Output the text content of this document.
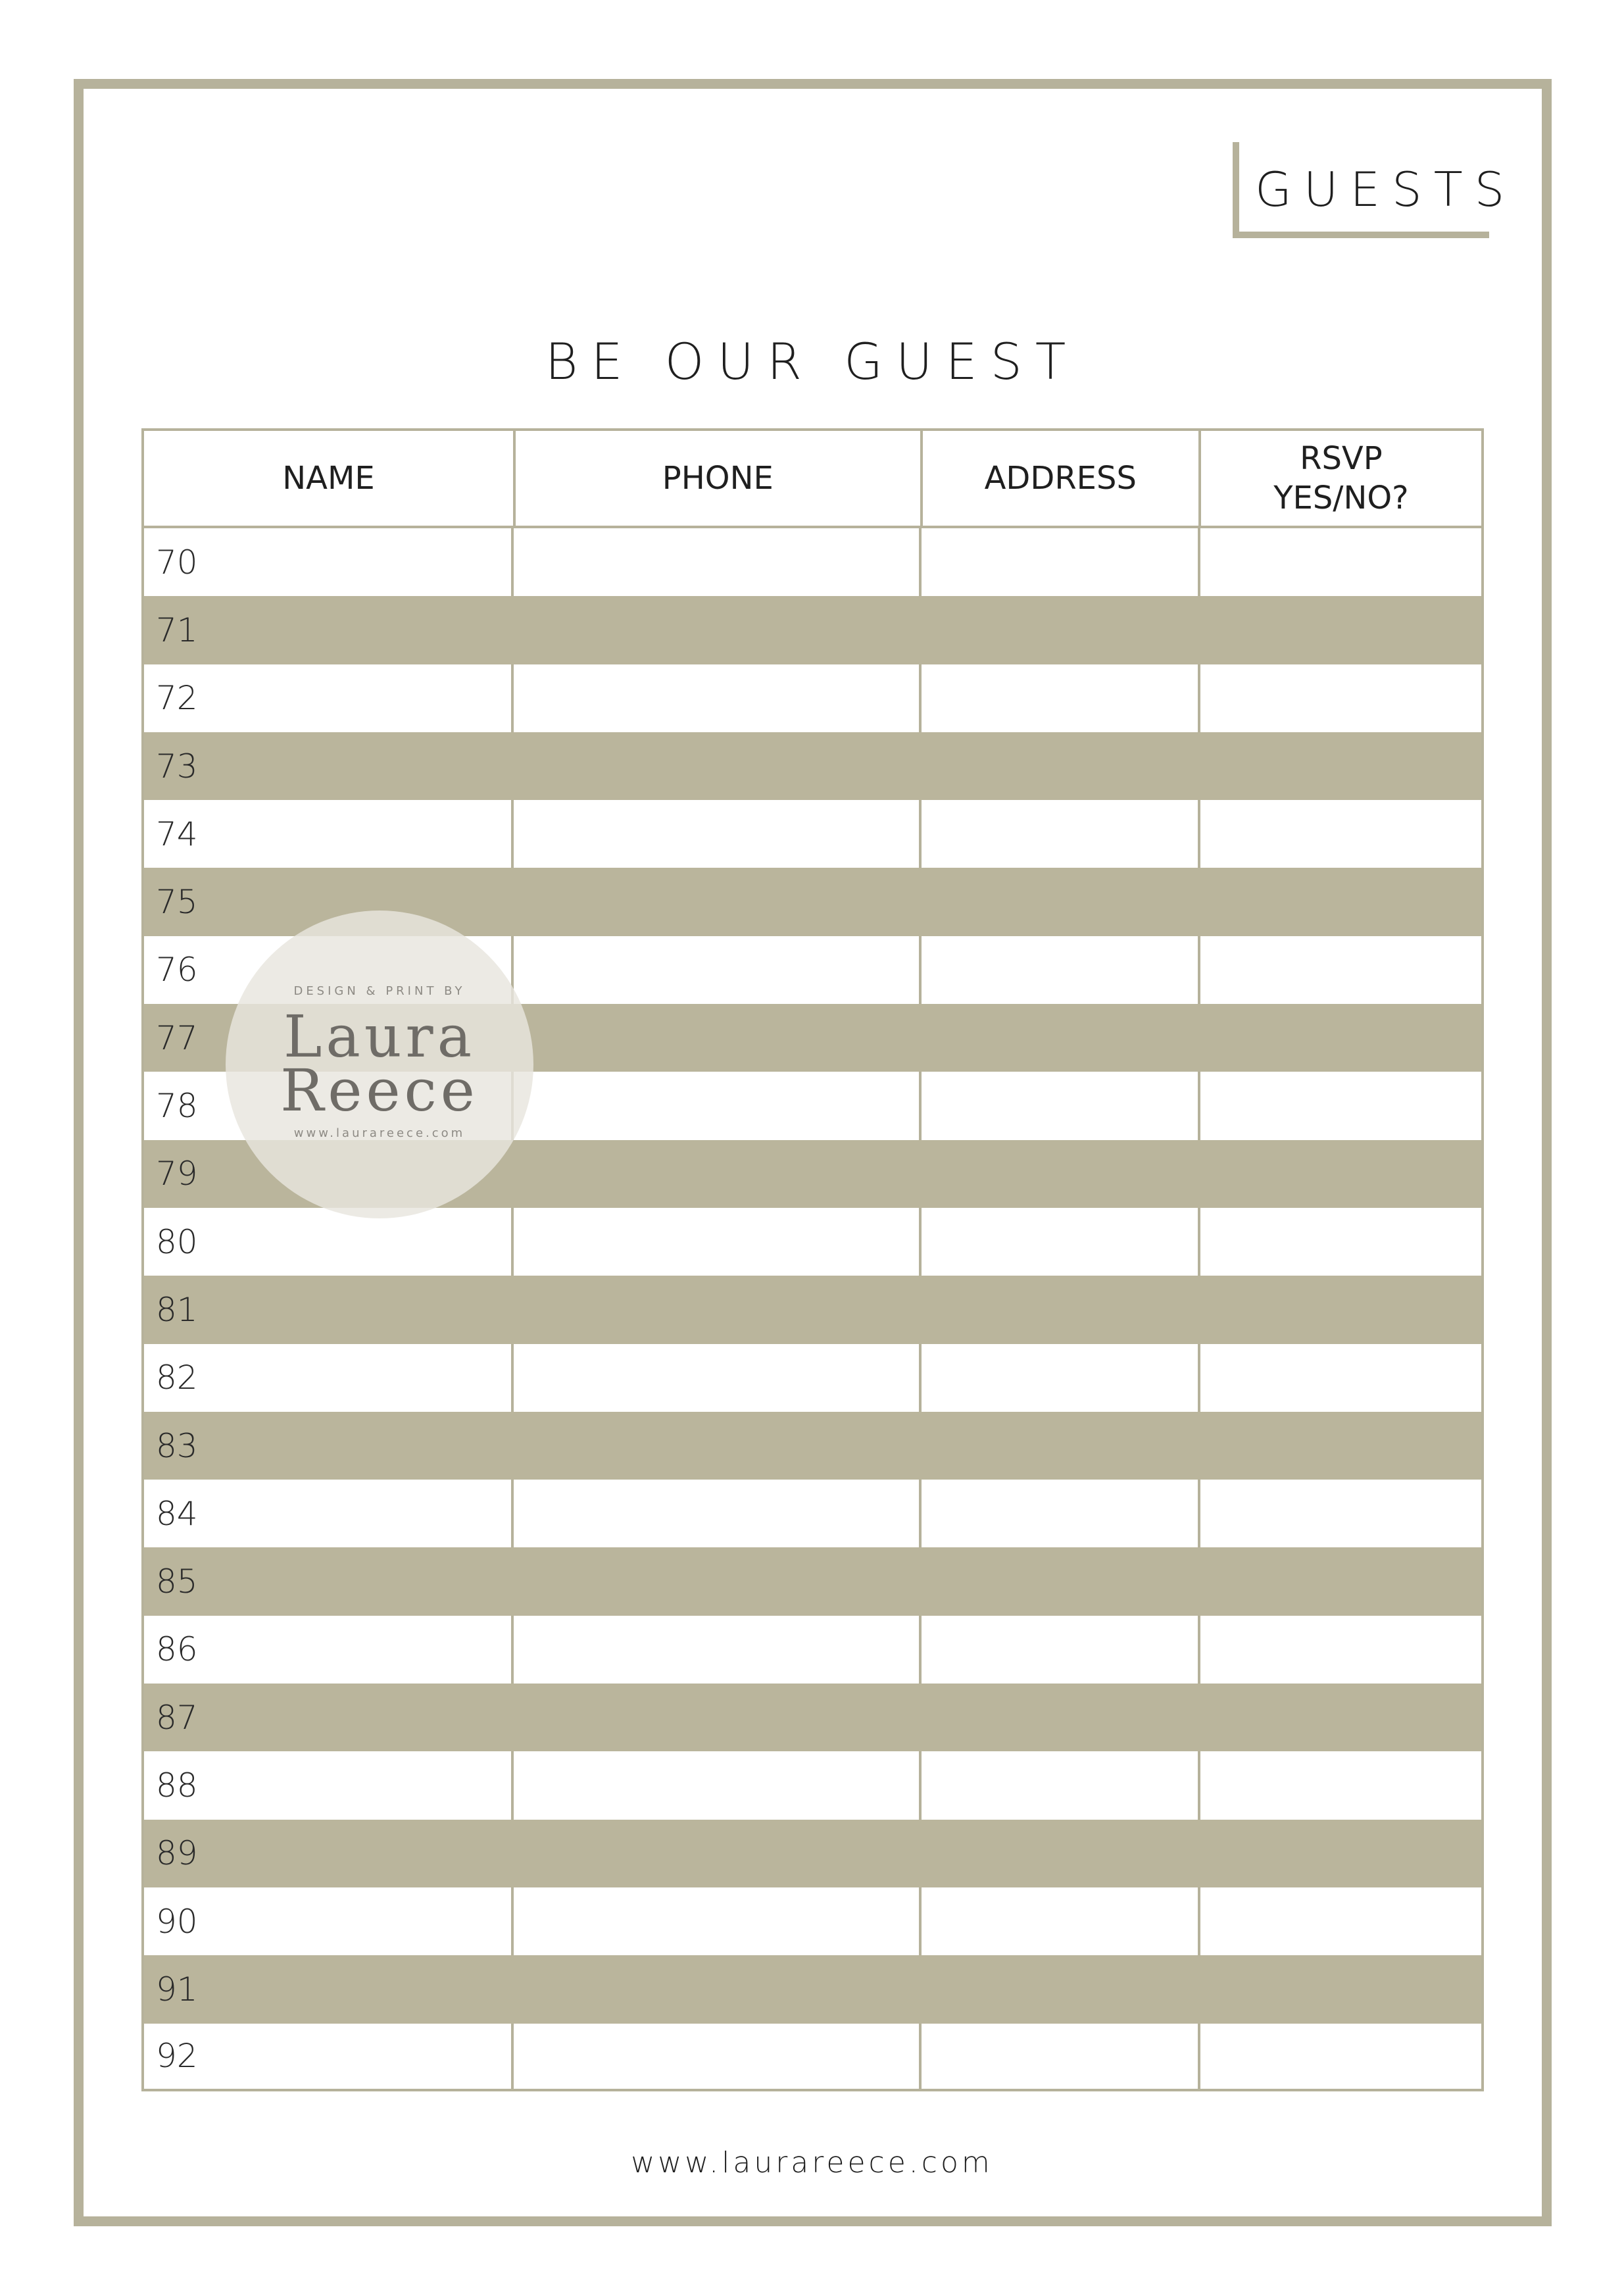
GUESTS
BE OUR GUEST
NAME	PHONE	ADDRESS
RSVP
YES/NO?
70
71
72
73
74
75
76
77
78
79
80
81
82
83
84
85
86
87
88
89
90
91
92
DESIGN & PRINT BY
Laura
Reece
www.laurareece.com
www.laurareece.com
